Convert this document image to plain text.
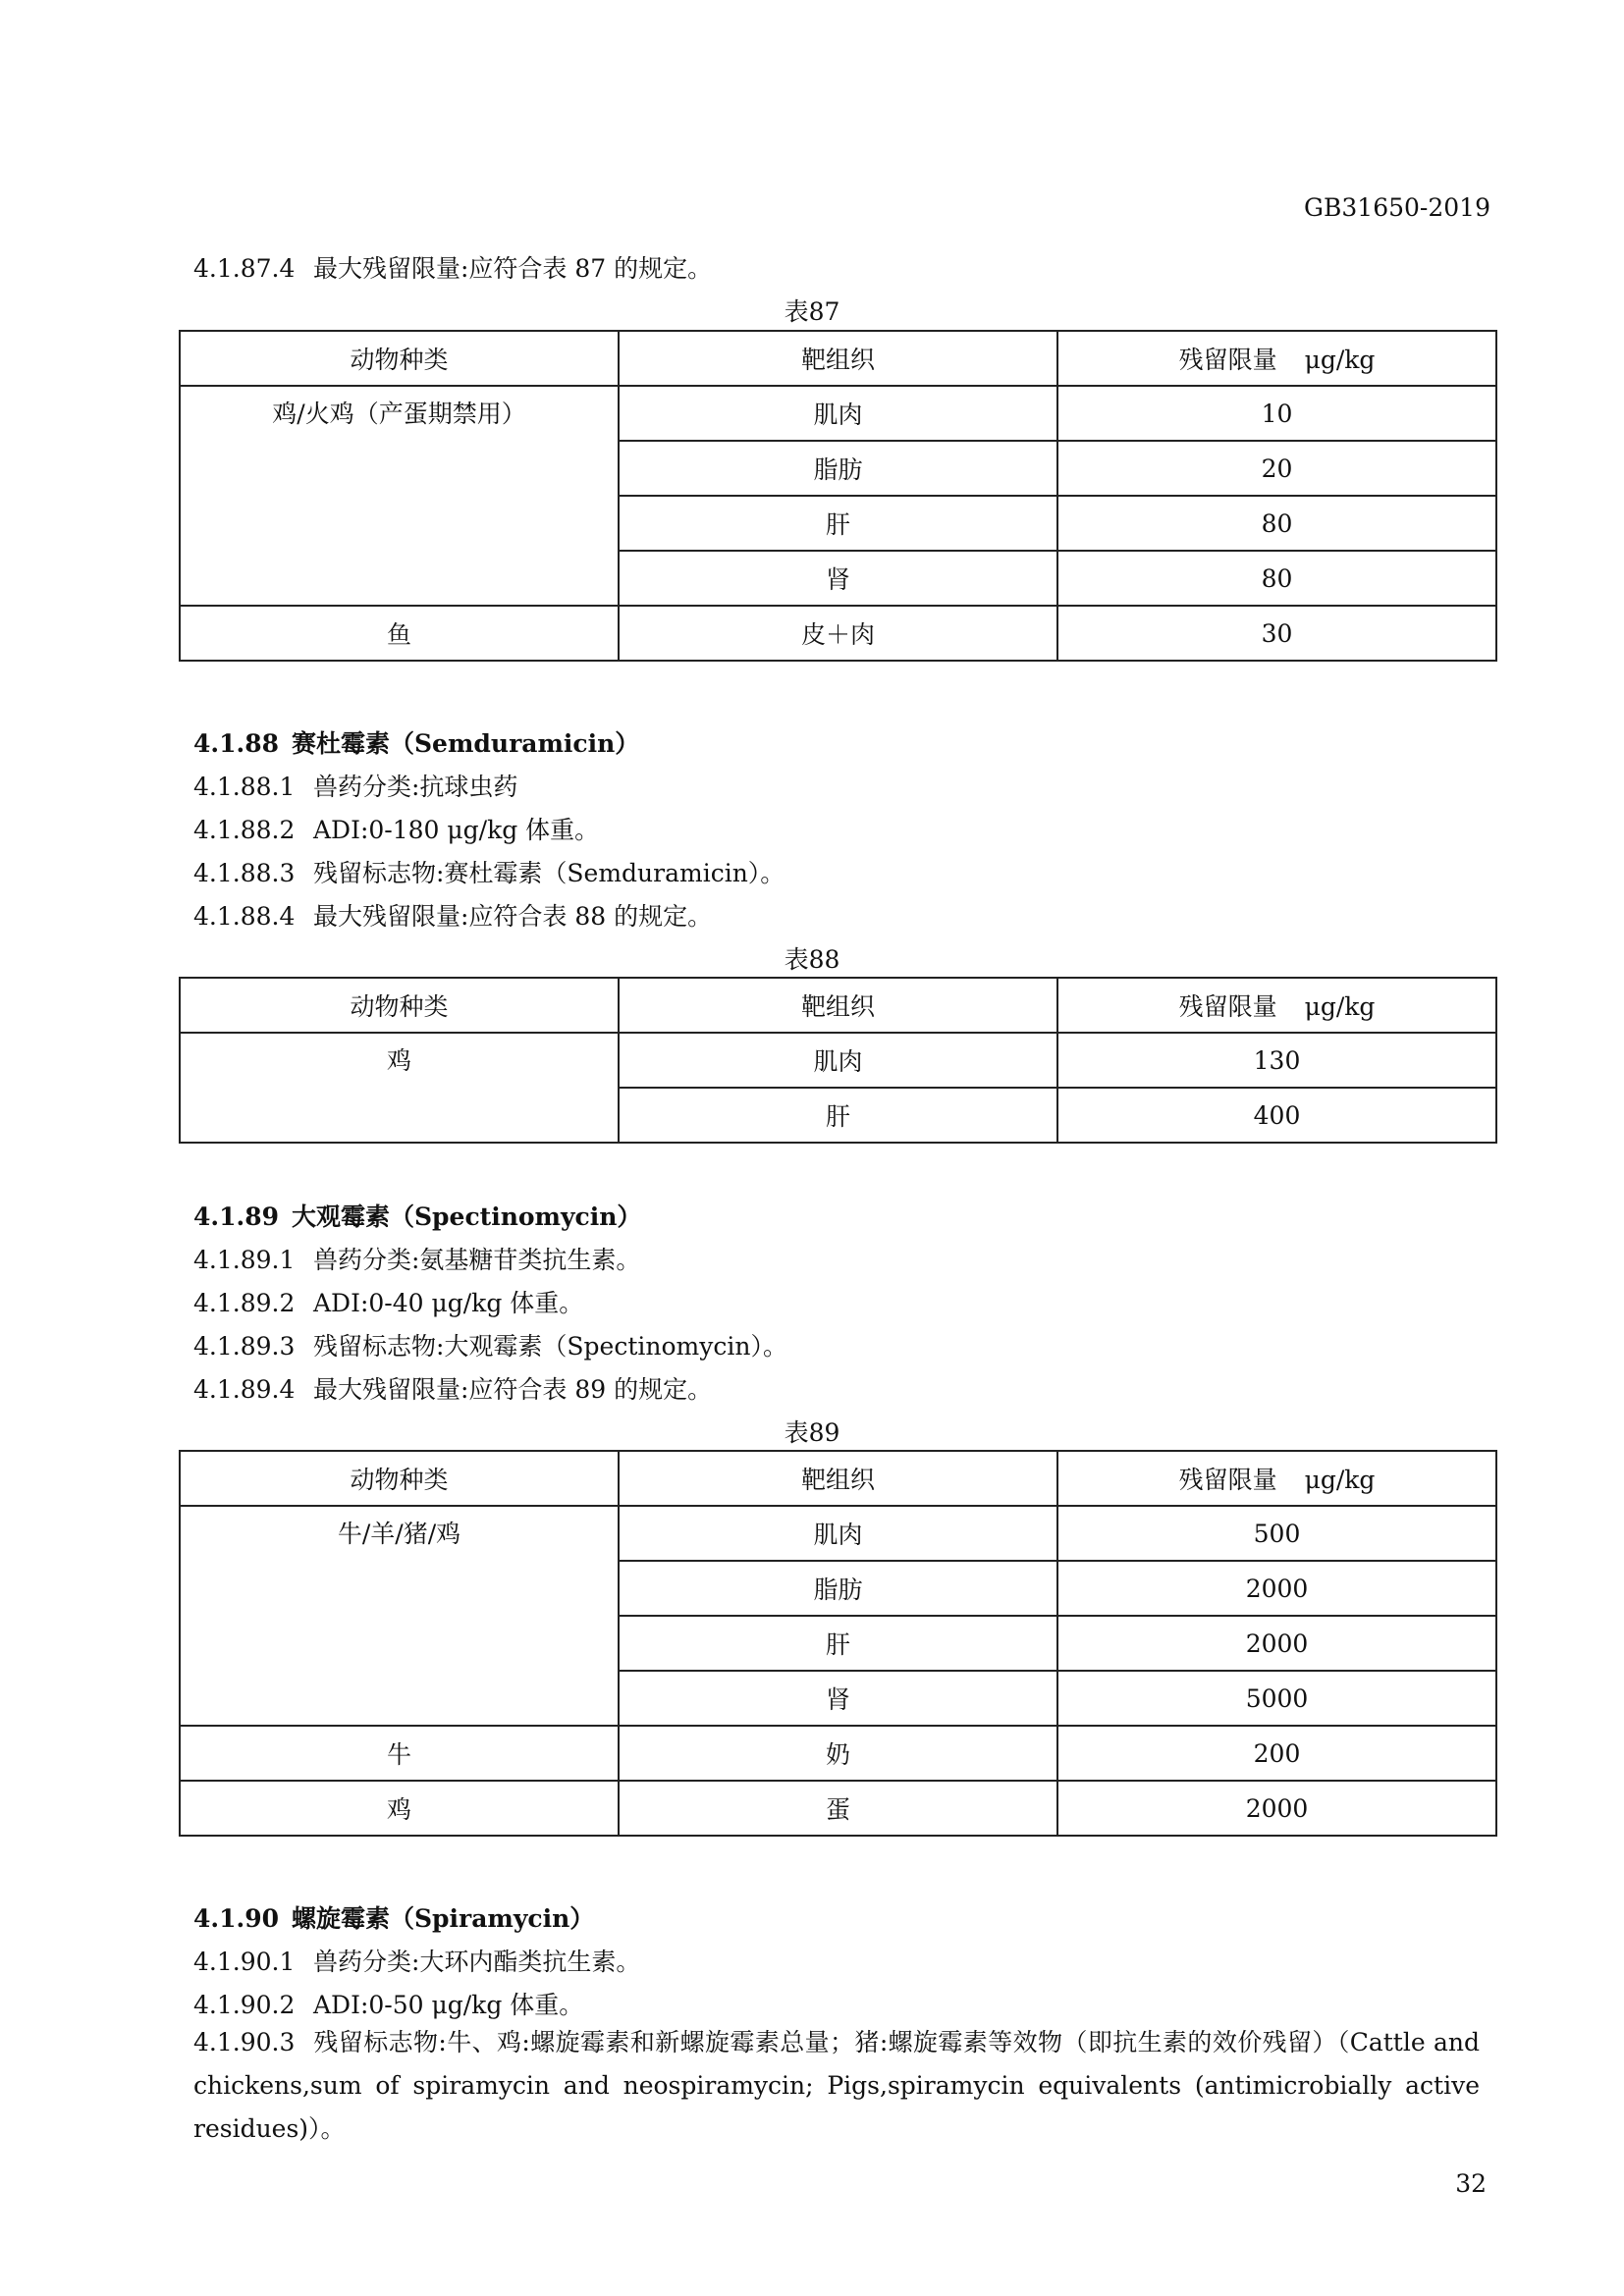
GB31650-2019
4.1.87.4 最大残留限量:应符合表 87 的规定。
表87
动物种类	靶组织	残留限量 μg/kg
鸡/火鸡（产蛋期禁用）	肌肉	10
	脂肪	20
	肝	80
	肾	80
鱼	皮＋肉	30
4.1.88 赛杜霉素（Semduramicin）
4.1.88.1 兽药分类:抗球虫药
4.1.88.2 ADI:0-180 μg/kg 体重。
4.1.88.3 残留标志物:赛杜霉素（Semduramicin）。
4.1.88.4 最大残留限量:应符合表 88 的规定。
表88
动物种类	靶组织	残留限量 μg/kg
鸡	肌肉	130
	肝	400
4.1.89 大观霉素（Spectinomycin）
4.1.89.1 兽药分类:氨基糖苷类抗生素。
4.1.89.2 ADI:0-40 μg/kg 体重。
4.1.89.3 残留标志物:大观霉素（Spectinomycin）。
4.1.89.4 最大残留限量:应符合表 89 的规定。
表89
动物种类	靶组织	残留限量 μg/kg
牛/羊/猪/鸡	肌肉	500
	脂肪	2000
	肝	2000
	肾	5000
牛	奶	200
鸡	蛋	2000
4.1.90 螺旋霉素（Spiramycin）
4.1.90.1 兽药分类:大环内酯类抗生素。
4.1.90.2 ADI:0-50 μg/kg 体重。
4.1.90.3 残留标志物:牛、鸡:螺旋霉素和新螺旋霉素总量；猪:螺旋霉素等效物（即抗生素的效价残留）（Cattle and chickens,sum of spiramycin and neospiramycin; Pigs,spiramycin equivalents (antimicrobially active residues)）。
32
